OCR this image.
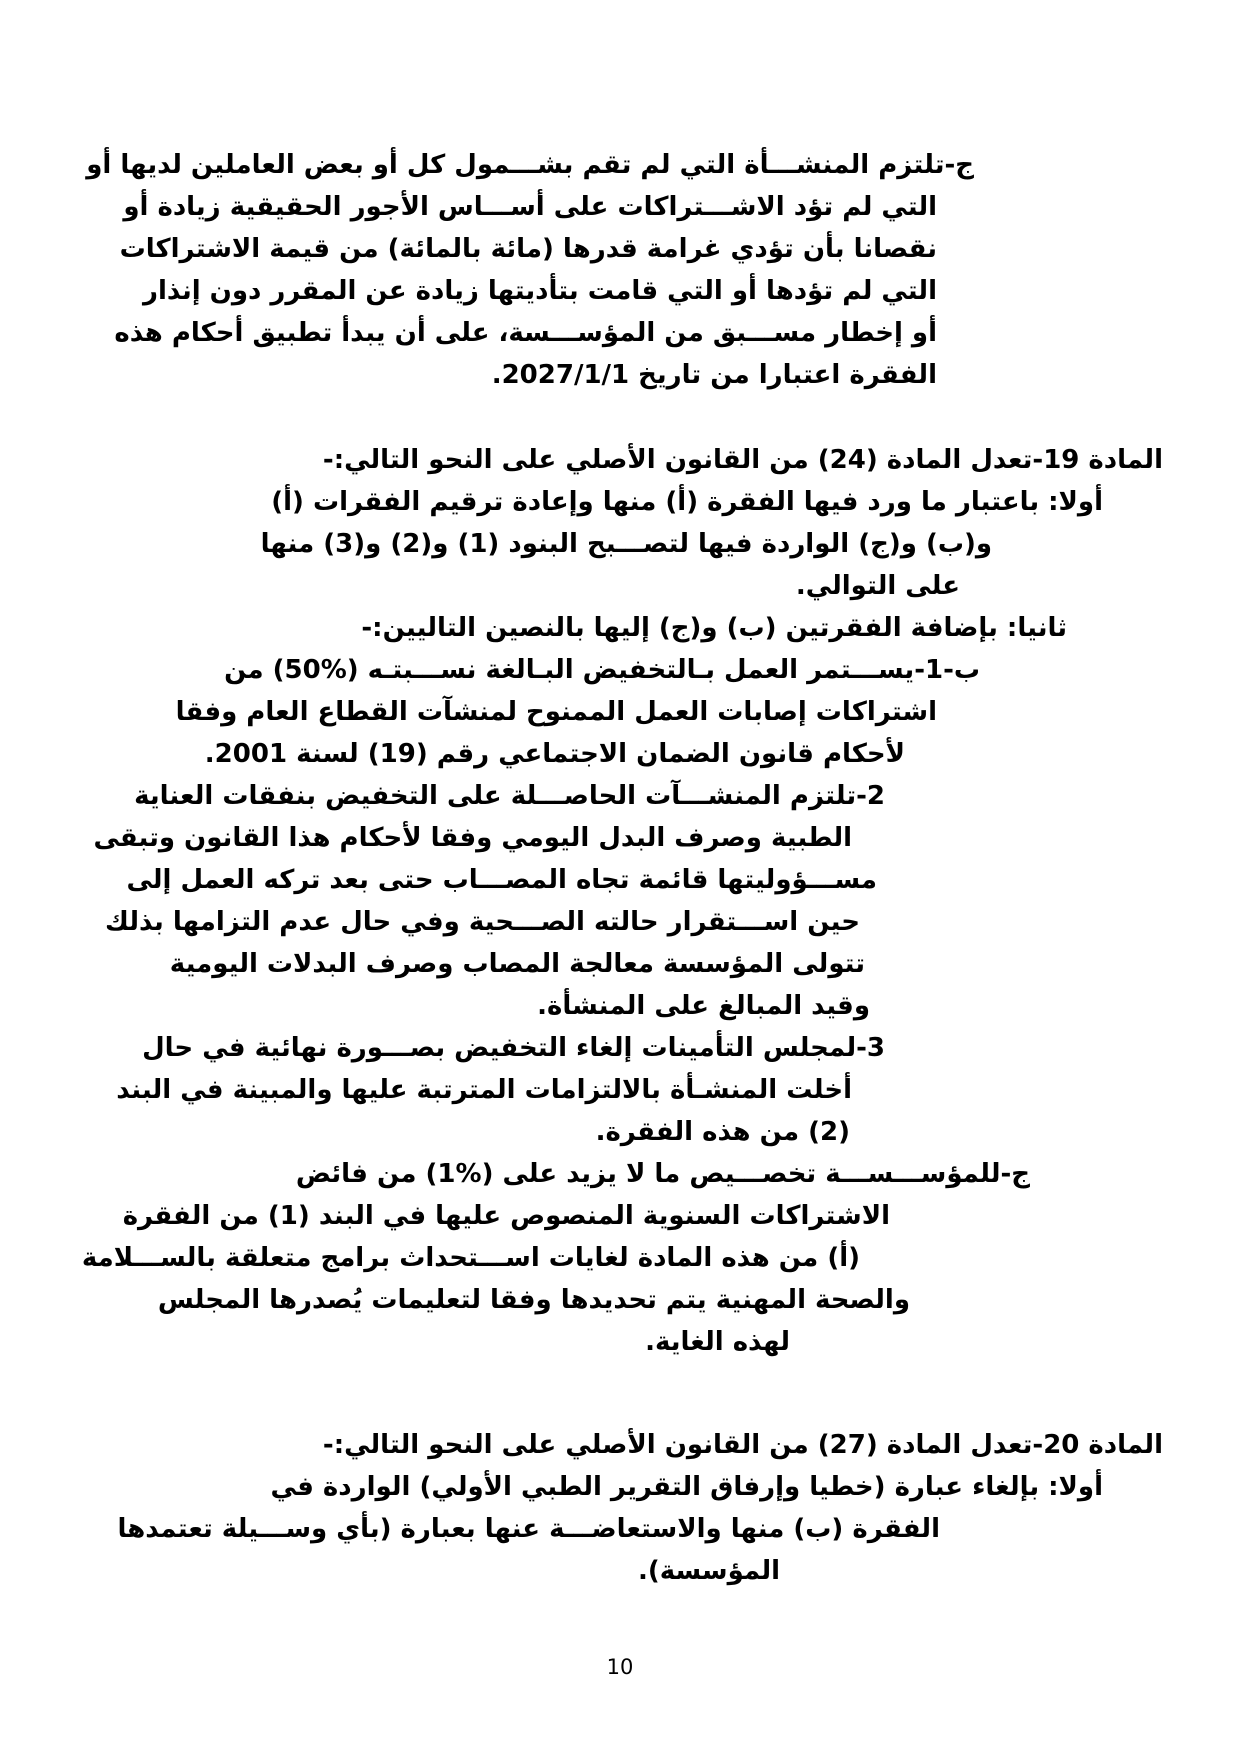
ج-تلتزم المنشـــأة التي لم تقم بشـــمول كل أو بعض العاملين لديها أو
التي لم تؤد الاشـــتراكات على أســـاس الأجور الحقيقية زيادة أو
نقصانا بأن تؤدي غرامة قدرها (مائة بالمائة) من قيمة الاشتراكات
التي لم تؤدها أو التي قامت بتأديتها زيادة عن المقرر دون إنذار
أو إخطار مســـبق من المؤســـسة، على أن يبدأ تطبيق أحكام هذه
الفقرة اعتبارا من تاريخ 2027/1/1.
المادة 19-تعدل المادة (24) من القانون الأصلي على النحو التالي:-
أولا: باعتبار ما ورد فيها الفقرة (أ) منها وإعادة ترقيم الفقرات (أ)
و(ب) و(ج) الواردة فيها لتصـــبح البنود (1) و(2) و(3) منها
على التوالي.
ثانيا: بإضافة الفقرتين (ب) و(ج) إليها بالنصين التاليين:-
ب-1-يســـتمر العمل بـالتخفيض البـالغة نســـبتـه (%50) من
اشتراكات إصابات العمل الممنوح لمنشآت القطاع العام وفقا
لأحكام قانون الضمان الاجتماعي رقم (19) لسنة 2001.
2-تلتزم المنشـــآت الحاصـــلة على التخفيض بنفقات العناية
الطبية وصرف البدل اليومي وفقا لأحكام هذا القانون وتبقى
مســـؤوليتها قائمة تجاه المصـــاب حتى بعد تركه العمل إلى
حين اســـتقرار حالته الصـــحية وفي حال عدم التزامها بذلك
تتولى المؤسسة معالجة المصاب وصرف البدلات اليومية
وقيد المبالغ على المنشأة.
3-لمجلس التأمينات إلغاء التخفيض بصـــورة نهائية في حال
أخلت المنشـأة بالالتزامات المترتبة عليها والمبينة في البند
(2) من هذه الفقرة.
ج-للمؤســـســـة تخصـــيص ما لا يزيد على (%1) من فائض
الاشتراكات السنوية المنصوص عليها في البند (1) من الفقرة
(أ) من هذه المادة لغايات اســـتحداث برامج متعلقة بالســـلامة
والصحة المهنية يتم تحديدها وفقا لتعليمات يُصدرها المجلس
لهذه الغاية.
المادة 20-تعدل المادة (27) من القانون الأصلي على النحو التالي:-
أولا: بإلغاء عبارة (خطيا وإرفاق التقرير الطبي الأولي) الواردة في
الفقرة (ب) منها والاستعاضـــة عنها بعبارة (بأي وســـيلة تعتمدها
المؤسسة).
10
